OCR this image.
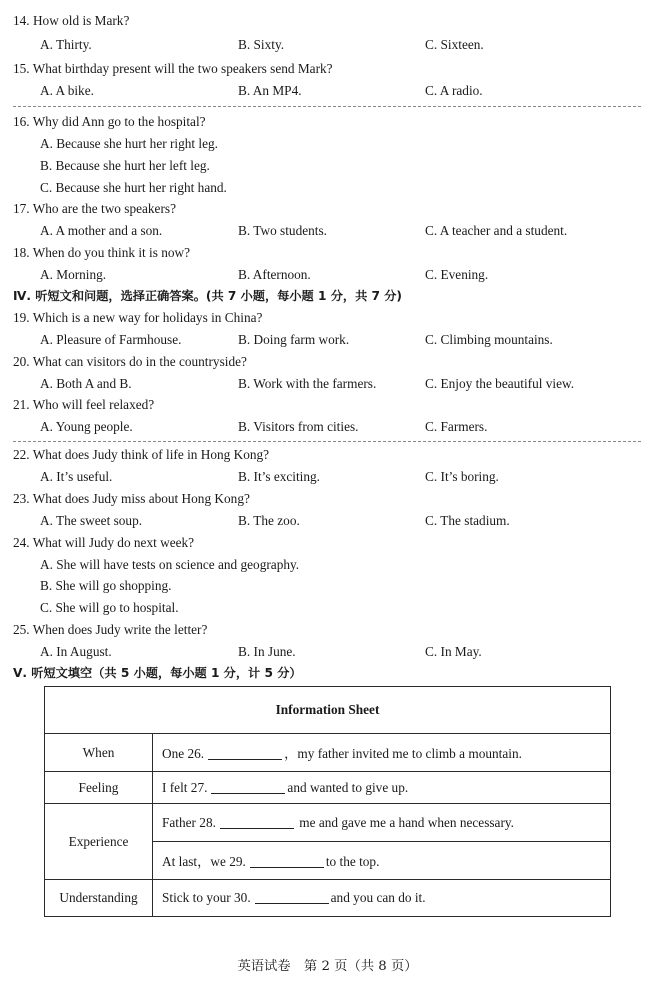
14. How old is Mark?
A. Thirty.	B. Sixty.	C. Sixteen.
15. What birthday present will the two speakers send Mark?
A. A bike.	B. An MP4.	C. A radio.
16. Why did Ann go to the hospital?
A. Because she hurt her right leg.
B. Because she hurt her left leg.
C. Because she hurt her right hand.
17. Who are the two speakers?
A. A mother and a son.	B. Two students.	C. A teacher and a student.
18. When do you think it is now?
A. Morning.	B. Afternoon.	C. Evening.
Ⅳ. 听短文和问题，选择正确答案。(共 7 小题，每小题 1 分，共 7 分)
19. Which is a new way for holidays in China?
A. Pleasure of Farmhouse.	B. Doing farm work.	C. Climbing mountains.
20. What can visitors do in the countryside?
A. Both A and B.	B. Work with the farmers.	C. Enjoy the beautiful view.
21. Who will feel relaxed?
A. Young people.	B. Visitors from cities.	C. Farmers.
22. What does Judy think of life in Hong Kong?
A. It’s useful.	B. It’s exciting.	C. It’s boring.
23. What does Judy miss about Hong Kong?
A. The sweet soup.	B. The zoo.	C. The stadium.
24. What will Judy do next week?
A. She will have tests on science and geography.
B. She will go shopping.
C. She will go to hospital.
25. When does Judy write the letter?
A. In August.	B. In June.	C. In May.
Ⅴ. 听短文填空（共 5 小题，每小题 1 分，计 5 分）
Information Sheet	
When	One 26. ，my father invited me to climb a mountain.
Feeling	I felt 27. and wanted to give up.
Experience	Father 28. me and gave me a hand when necessary.
	At last，we 29. to the top.
Understanding	Stick to your 30. and you can do it.
英语试卷　第 2 页（共 8 页）
